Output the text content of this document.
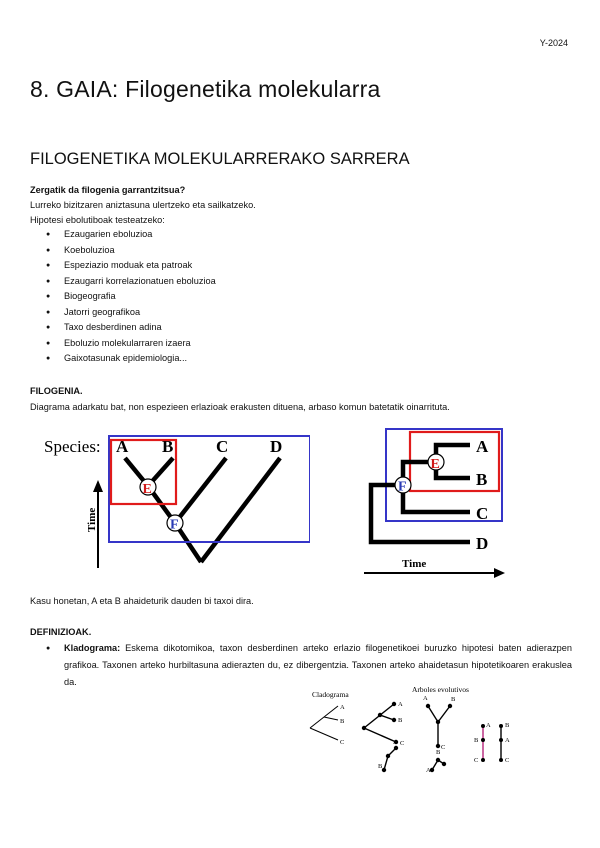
Y-2024
8. GAIA: Filogenetika molekularra
FILOGENETIKA MOLEKULARRERAKO SARRERA
Zergatik da filogenia garrantzitsua?
Lurreko bizitzaren aniztasuna ulertzeko eta sailkatzeko.
Hipotesi ebolutiboak testeatzeko:
● Ezaugarien eboluzioa
● Koeboluzioa
● Espeziazio moduak eta patroak
● Ezaugarri korrelazionatuen eboluzioa
● Biogeografia
● Jatorri geografikoa
● Taxo desberdinen adina
● Eboluzio molekularraren izaera
● Gaixotasunak epidemiologia...
FILOGENIA.
Diagrama adarkatu bat, non espezieen erlazioak erakusten dituena, arbaso komun batetatik oinarrituta.
Species: A B	C D
Time
E
F
A
B
C
D
E
F
Time
Kasu honetan, A eta B ahaideturik dauden bi taxoi dira.
DEFINIZIOAK.
● Kladograma: Eskema dikotomikoa, taxon desberdinen arteko erlazio filogenetikoei buruzko hipotesi baten adierazpen grafikoa. Taxonen arteko hurbiltasuna adierazten du, ez dibergentzia. Taxonen arteko ahaidetasun hipotetikoaren erakuslea da.
Cladograma
Arboles evolutivos
A
B
C
A
B
C
A	B
C
A
B
C
B
A
C
A
B
A
B
